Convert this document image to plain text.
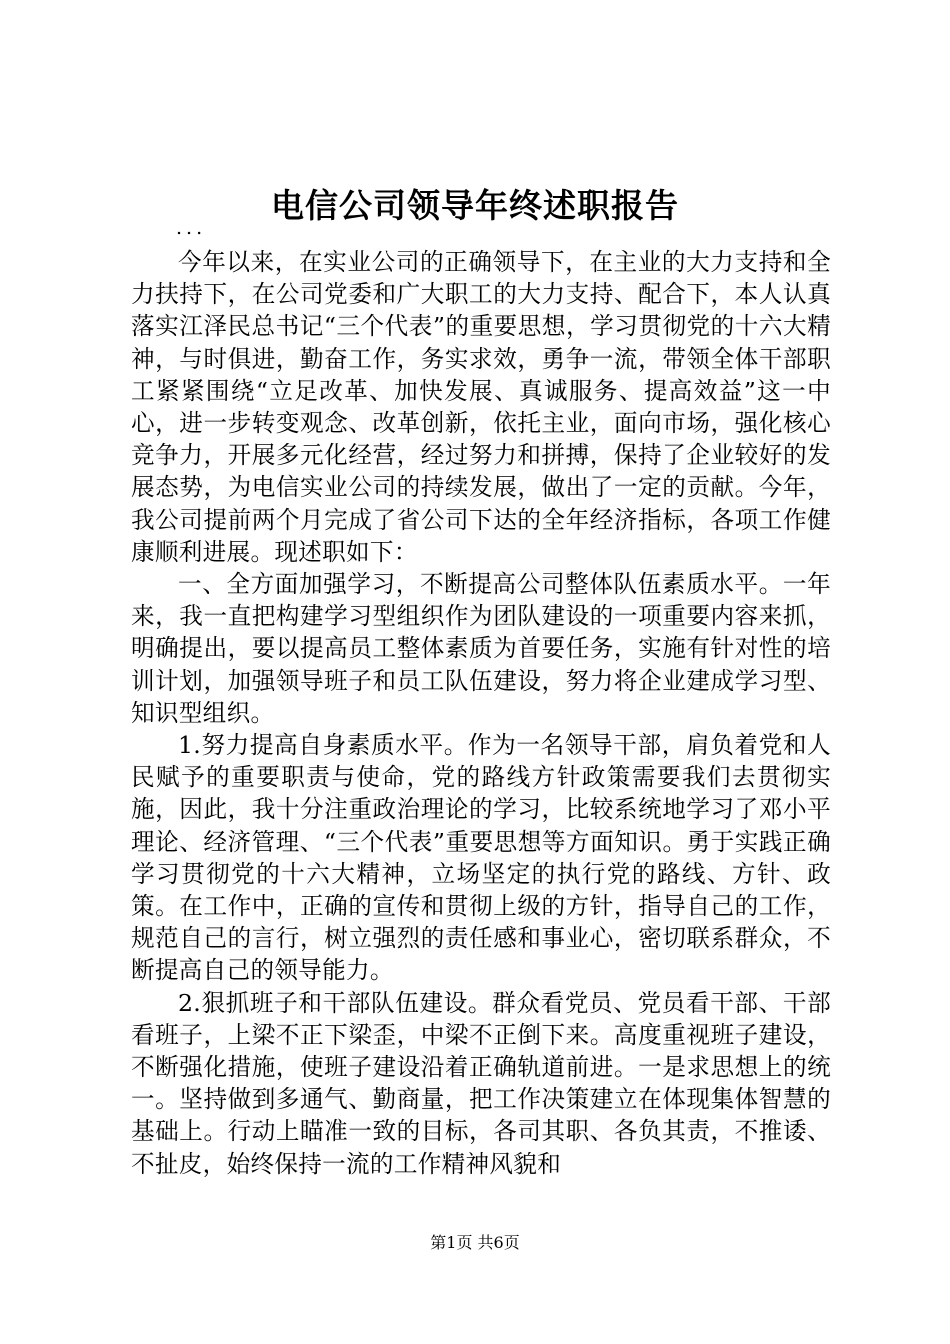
电信公司领导年终述职报告
...

今年以来，在实业公司的正确领导下，在主业的大力支持和全力扶持下，在公司党委和广大职工的大力支持、配合下，本人认真落实江泽民总书记“三个代表”的重要思想，学习贯彻党的十六大精神，与时俱进，勤奋工作，务实求效，勇争一流，带领全体干部职工紧紧围绕“立足改革、加快发展、真诚服务、提高效益”这一中心，进一步转变观念、改革创新，依托主业，面向市场，强化核心竞争力，开展多元化经营，经过努力和拼搏，保持了企业较好的发展态势，为电信实业公司的持续发展，做出了一定的贡献。今年，我公司提前两个月完成了省公司下达的全年经济指标，各项工作健康顺利进展。现述职如下：

一、全方面加强学习，不断提高公司整体队伍素质水平。一年来，我一直把构建学习型组织作为团队建设的一项重要内容来抓，明确提出，要以提高员工整体素质为首要任务，实施有针对性的培训计划，加强领导班子和员工队伍建设，努力将企业建成学习型、知识型组织。

1.努力提高自身素质水平。作为一名领导干部，肩负着党和人民赋予的重要职责与使命，党的路线方针政策需要我们去贯彻实施，因此，我十分注重政治理论的学习，比较系统地学习了邓小平理论、经济管理、“三个代表”重要思想等方面知识。勇于实践正确学习贯彻党的十六大精神，立场坚定的执行党的路线、方针、政策。在工作中，正确的宣传和贯彻上级的方针，指导自己的工作，规范自己的言行，树立强烈的责任感和事业心，密切联系群众，不断提高自己的领导能力。

2.狠抓班子和干部队伍建设。群众看党员、党员看干部、干部看班子，上梁不正下梁歪，中梁不正倒下来。高度重视班子建设，不断强化措施，使班子建设沿着正确轨道前进。一是求思想上的统一。坚持做到多通气、勤商量，把工作决策建立在体现集体智慧的基础上。行动上瞄准一致的目标，各司其职、各负其责，不推诿、不扯皮，始终保持一流的工作精神风貌和

第1页 共6页
